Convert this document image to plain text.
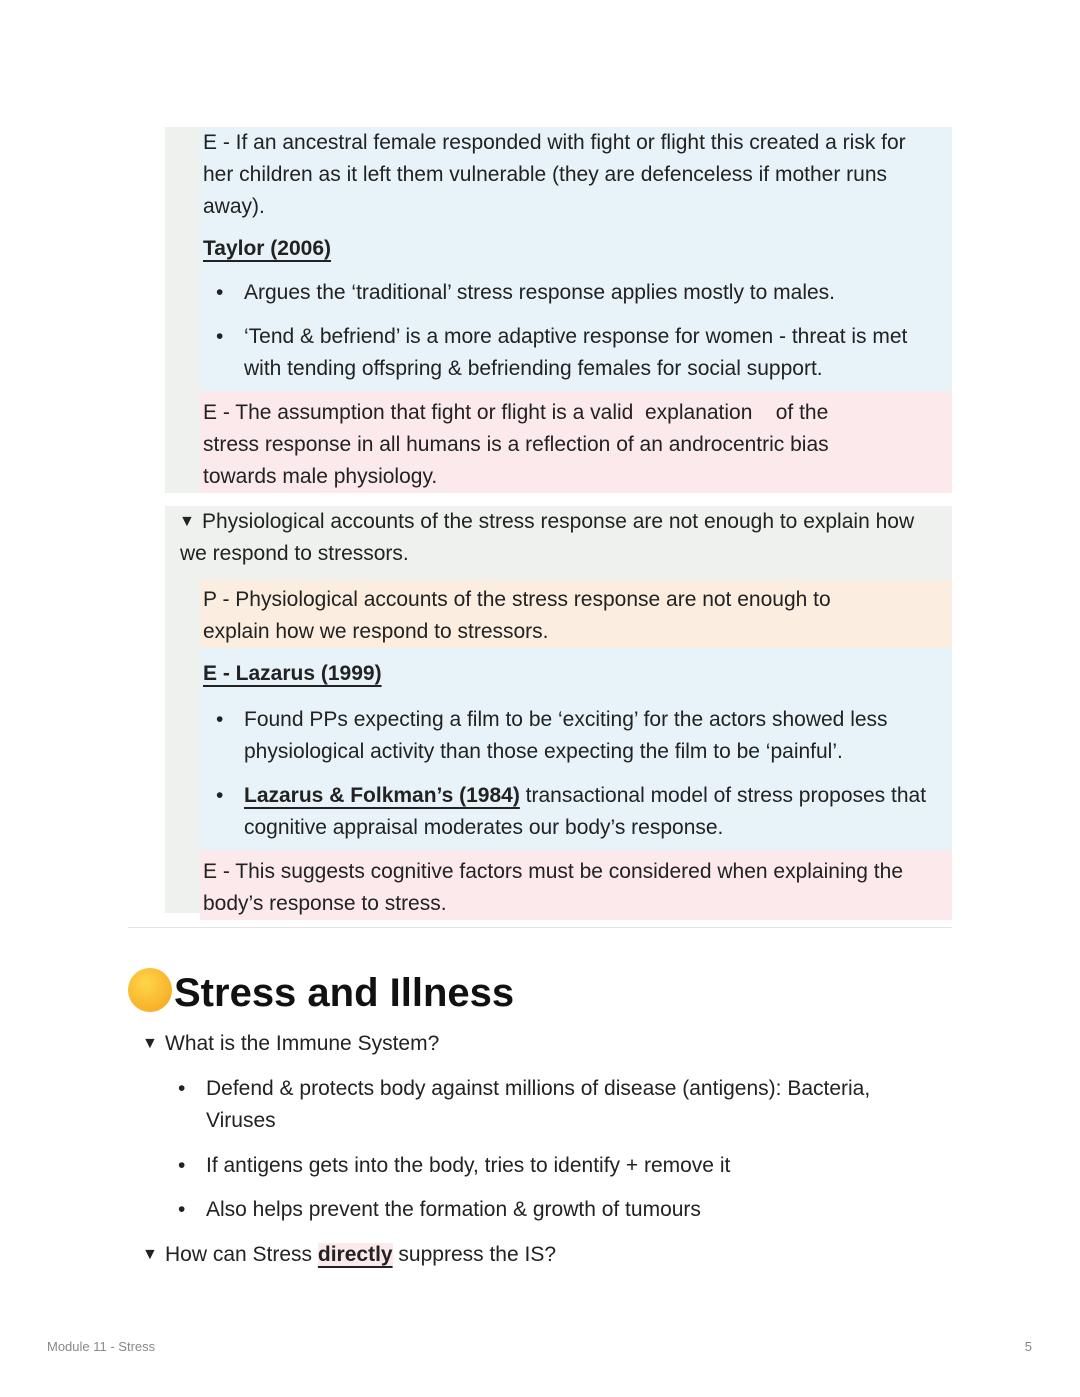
E - If an ancestral female responded with fight or flight this created a risk for her children as it left them vulnerable (they are defenceless if mother runs away).

Taylor (2006)

• Argues the ‘traditional’ stress response applies mostly to males.
• ‘Tend & befriend’ is a more adaptive response for women - threat is met with tending offspring & befriending females for social support.

E - The assumption that fight or flight is a valid  explanation    of the stress response in all humans is a reflection of an androcentric bias towards male physiology.

▼ Physiological accounts of the stress response are not enough to explain how we respond to stressors.

P - Physiological accounts of the stress response are not enough to explain how we respond to stressors.

E - Lazarus (1999)

• Found PPs expecting a film to be ‘exciting’ for the actors showed less physiological activity than those expecting the film to be ‘painful’.
• Lazarus & Folkman’s (1984) transactional model of stress proposes that cognitive appraisal moderates our body’s response.

E - This suggests cognitive factors must be considered when explaining the body’s response to stress.

Stress and Illness
▼ What is the Immune System?
• Defend & protects body against millions of disease (antigens): Bacteria, Viruses
• If antigens gets into the body, tries to identify + remove it
• Also helps prevent the formation & growth of tumours
▼ How can Stress directly suppress the IS?
Module 11 - Stress	5
